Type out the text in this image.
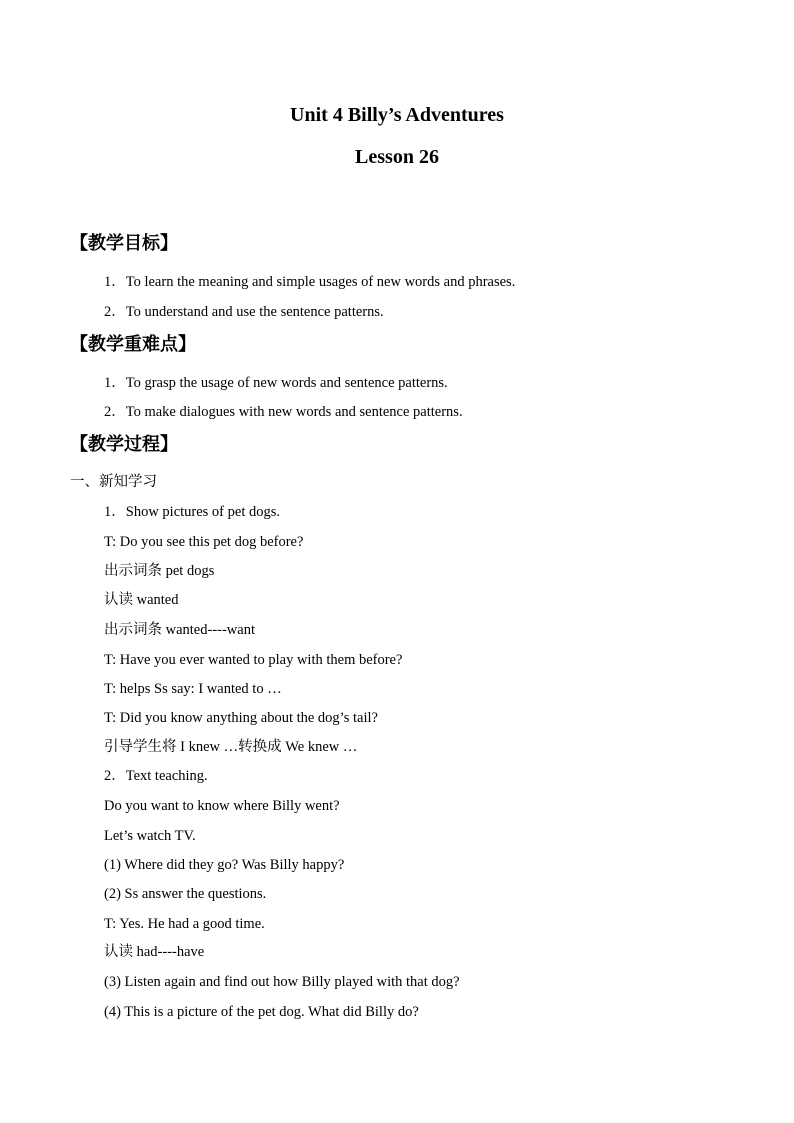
Unit 4 Billy’s Adventures
Lesson 26
【教学目标】
1．To learn the meaning and simple usages of new words and phrases.
2．To understand and use the sentence patterns.
【教学重难点】
1．To grasp the usage of new words and sentence patterns.
2．To make dialogues with new words and sentence patterns.
【教学过程】
一、新知学习
1．Show pictures of pet dogs.
T: Do you see this pet dog before?
出示词条 pet dogs
认读 wanted
出示词条 wanted----want
T: Have you ever wanted to play with them before?
T: helps Ss say: I wanted to …
T: Did you know anything about the dog’s tail?
引导学生将 I knew …转换成 We knew …
2．Text teaching.
Do you want to know where Billy went?
Let’s watch TV.
(1) Where did they go? Was Billy happy?
(2) Ss answer the questions.
T: Yes. He had a good time.
认读 had----have
(3) Listen again and find out how Billy played with that dog?
(4) This is a picture of the pet dog. What did Billy do?
